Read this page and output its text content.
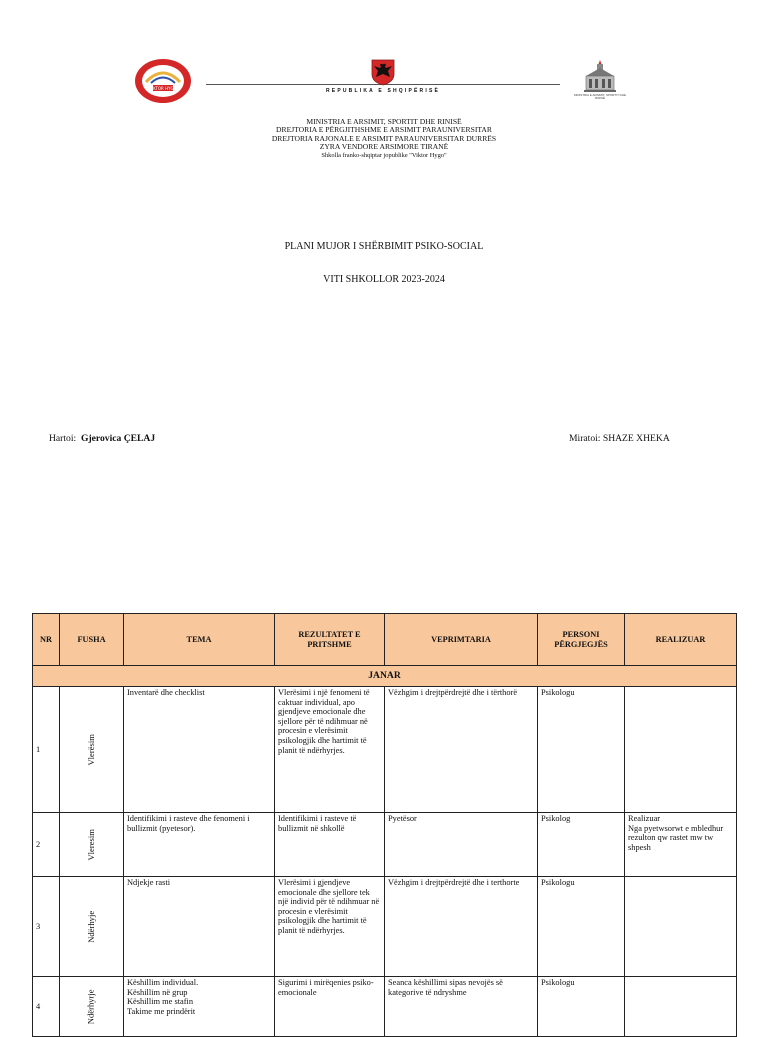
VIKTOR HYGO	REPUBLIKA E SHQIPËRISË
MINISTRIA E ARSIMIT, SPORTIT DHE RINISË
MINISTRIA E ARSIMIT, SPORTIT DHE RINISË
DREJTORIA E PËRGJITHSHME E ARSIMIT PARAUNIVERSITAR
DREJTORIA RAJONALE E ARSIMIT PARAUNIVERSITAR DURRËS
ZYRA VENDORE ARSIMORE TIRANË
Shkolla franko-shqiptar jopublike "Viktor Hygo"
PLANI MUJOR I SHËRBIMIT PSIKO-SOCIAL
VITI SHKOLLOR 2023-2024
Hartoi: Gjerovica ÇELAJ	Miratoi: SHAZE XHEKA
NR	FUSHA	TEMA	REZULTATET E PRITSHME	VEPRIMTARIA	PERSONI PËRGJEGJËS	REALIZUAR
JANAR						
1	Vlerësim	Inventarë dhe checklist	Vlerësimi i një fenomeni të caktuar individual, apo gjendjeve emocionale dhe sjellore për të ndihmuar në procesin e vlerësimit psikologjik dhe hartimit të planit të ndërhyrjes.	Vëzhgim i drejtpërdrejtë dhe i tërthorë	Psikologu	
2	Vleresim	Identifikimi i rasteve dhe fenomeni i bullizmit (pyetesor).	Identifikimi i rasteve të bullizmit në shkollë	Pyetësor	Psikolog	Realizuar
Nga pyetwsorwt e mbledhur rezulton qw rastet mw tw shpesh
3	Ndërhyje	Ndjekje rasti	Vlerësimi i gjendjeve emocionale dhe sjellore tek një individ për të ndihmuar në procesin e vlerësimit psikologjik dhe hartimit të planit të ndërhyrjes.	Vëzhgim i drejtpërdrejtë dhe i terthorte	Psikologu	
4	Ndërhyrje	Këshillim individual.
Këshillim në grup
Këshillim me stafin
Takime me prindërit	Sigurimi i mirëqenies psiko-emocionale	Seanca këshillimi sipas nevojës së kategorive të ndryshme	Psikologu	
